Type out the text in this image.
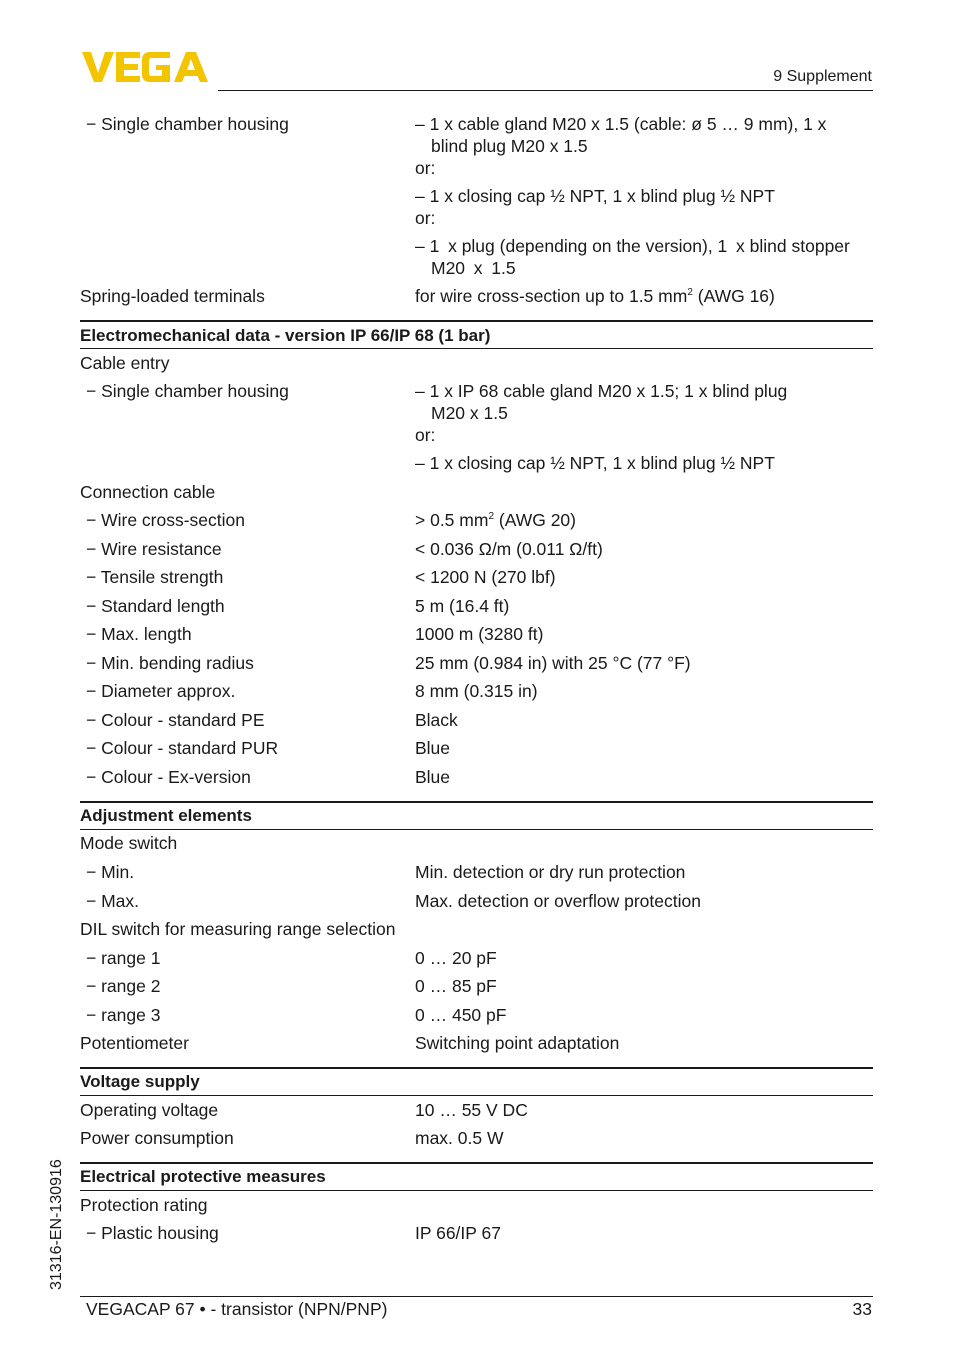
9 Supplement
− Single chamber housing	– 1 x cable gland M20 x 1.5 (cable: ø 5 … 9 mm), 1 x
blind plug M20 x 1.5
or:
– 1 x closing cap ½ NPT, 1 x blind plug ½ NPT
or:
– 1 x plug (depending on the version), 1 x blind stopper
M20 x 1.5
Spring-loaded terminals	for wire cross-section up to 1.5 $mm^2$ (AWG 16)
Electromechanical data - version IP 66/IP 68 (1 bar)
Cable entry
− Single chamber housing	– 1 x IP 68 cable gland M20 x 1.5; 1 x blind plug
M20 x 1.5
or:
– 1 x closing cap ½ NPT, 1 x blind plug ½ NPT
Connection cable
− Wire cross-section	> 0.5 $mm^2$ (AWG 20)
− Wire resistance	< 0.036 Ω/m (0.011 Ω/ft)
− Tensile strength	< 1200 N (270 lbf)
− Standard length	5 m (16.4 ft)
− Max. length	1000 m (3280 ft)
− Min. bending radius	25 mm (0.984 in) with 25 °C (77 °F)
− Diameter approx.	8 mm (0.315 in)
− Colour - standard PE	Black
− Colour - standard PUR	Blue
− Colour - Ex-version	Blue
Adjustment elements
Mode switch
− Min.	Min. detection or dry run protection
− Max.	Max. detection or overflow protection
DIL switch for measuring range selection
− range 1	0 … 20 pF
− range 2	0 … 85 pF
− range 3	0 … 450 pF
Potentiometer	Switching point adaptation
Voltage supply
Operating voltage	10 … 55 V DC
Power consumption	max. 0.5 W
Electrical protective measures
Protection rating
− Plastic housing	IP 66/IP 67
31316-EN-130916
VEGACAP 67 • - transistor (NPN/PNP)	33
